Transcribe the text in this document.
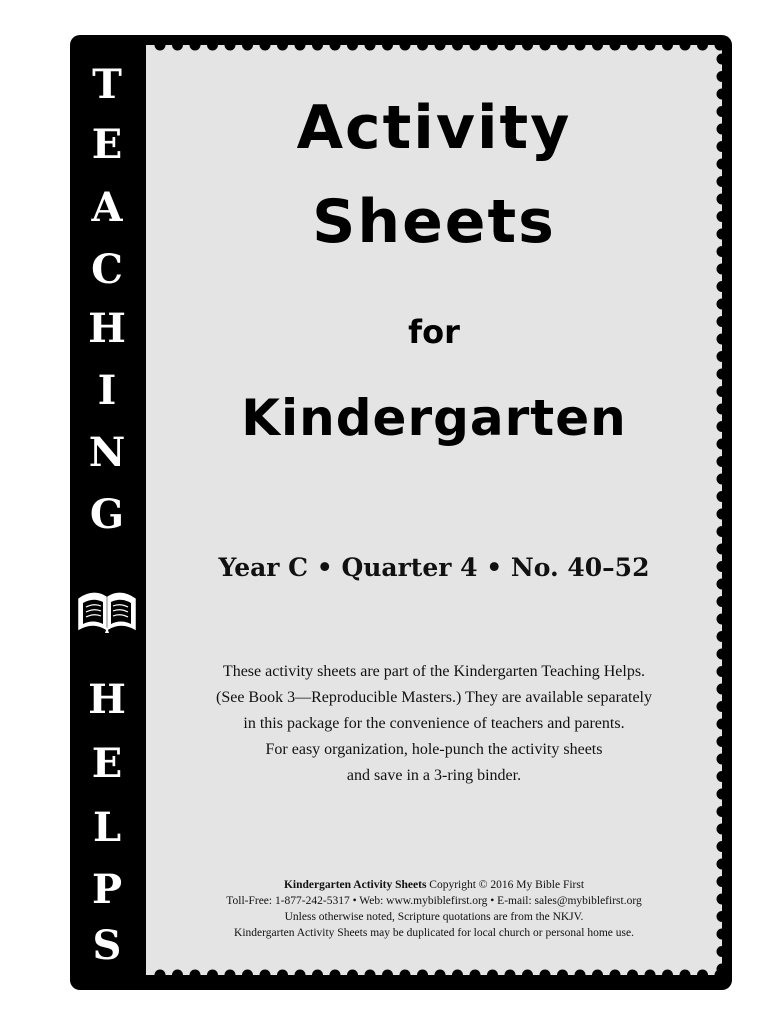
T
E
A
C
H
I
N
G
H
E
L
P
S
Activity
Sheets
for
Kindergarten
Year C • Quarter 4 • No. 40–52
These activity sheets are part of the Kindergarten Teaching Helps.
(See Book 3—Reproducible Masters.) They are available separately
in this package for the convenience of teachers and parents.
For easy organization, hole-punch the activity sheets
and save in a 3-ring binder.
Kindergarten Activity Sheets Copyright © 2016 My Bible First
Toll-Free: 1-877-242-5317 • Web: www.mybiblefirst.org • E-mail: sales@mybiblefirst.org
Unless otherwise noted, Scripture quotations are from the NKJV.
Kindergarten Activity Sheets may be duplicated for local church or personal home use.
